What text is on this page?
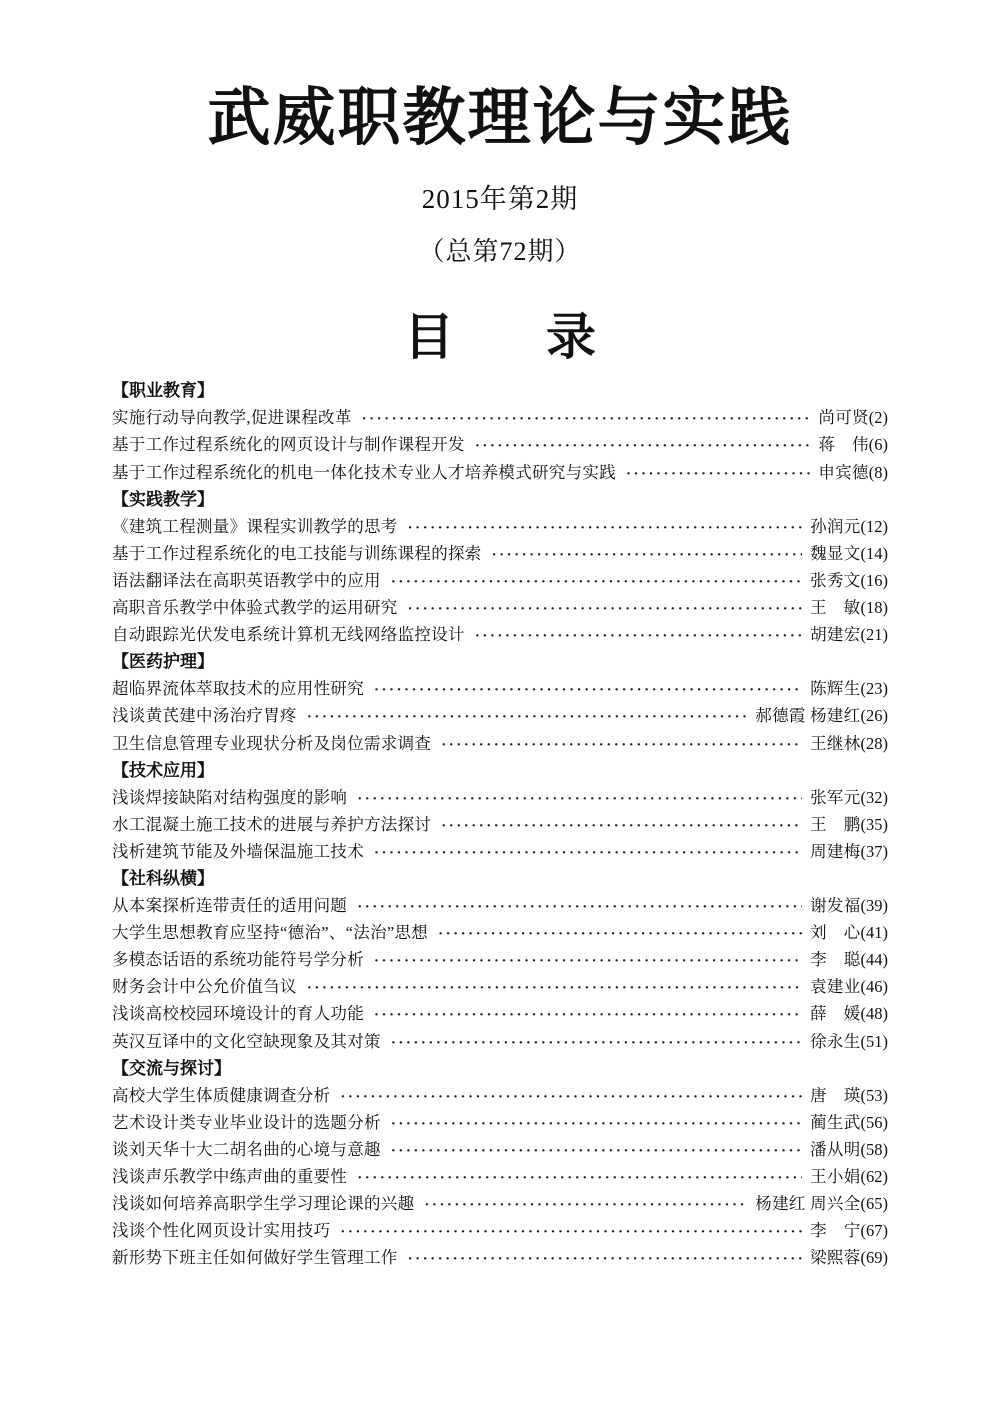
武威职教理论与实践
2015年第2期
（总第72期）
目 录
【职业教育】
实施行动导向教学,促进课程改革 ·····	尚可贤 (2)
基于工作过程系统化的网页设计与制作课程开发 ·····	蒋　伟 (6)
基于工作过程系统化的机电一体化技术专业人才培养模式研究与实践 ·····	申宾德 (8)
【实践教学】
《建筑工程测量》课程实训教学的思考 ·····	孙润元 (12)
基于工作过程系统化的电工技能与训练课程的探索 ·····	魏显文 (14)
语法翻译法在高职英语教学中的应用 ·····	张秀文 (16)
高职音乐教学中体验式教学的运用研究 ·····	王　敏 (18)
自动跟踪光伏发电系统计算机无线网络监控设计 ·····	胡建宏 (21)
【医药护理】
超临界流体萃取技术的应用性研究 ·····	陈辉生 (23)
浅谈黄芪建中汤治疗胃疼 ·····	郝德霞 杨建红 (26)
卫生信息管理专业现状分析及岗位需求调查 ·····	王继林 (28)
【技术应用】
浅谈焊接缺陷对结构强度的影响 ·····	张军元 (32)
水工混凝土施工技术的进展与养护方法探讨 ·····	王　鹏 (35)
浅析建筑节能及外墙保温施工技术 ·····	周建梅 (37)
【社科纵横】
从本案探析连带责任的适用问题 ·····	谢发福 (39)
大学生思想教育应坚持“德治”、“法治”思想 ·····	刘　心 (41)
多模态话语的系统功能符号学分析 ·····	李　聪 (44)
财务会计中公允价值刍议 ·····	袁建业 (46)
浅谈高校校园环境设计的育人功能 ·····	薛　媛 (48)
英汉互译中的文化空缺现象及其对策 ·····	徐永生 (51)
【交流与探讨】
高校大学生体质健康调查分析 ·····	唐　瑛 (53)
艺术设计类专业毕业设计的选题分析 ·····	蔺生武 (56)
谈刘天华十大二胡名曲的心境与意趣 ·····	潘从明 (58)
浅谈声乐教学中练声曲的重要性 ·····	王小娟 (62)
浅谈如何培养高职学生学习理论课的兴趣 ·····	杨建红 周兴全 (65)
浅谈个性化网页设计实用技巧 ·····	李　宁 (67)
新形势下班主任如何做好学生管理工作 ·····	梁熙蓉 (69)
